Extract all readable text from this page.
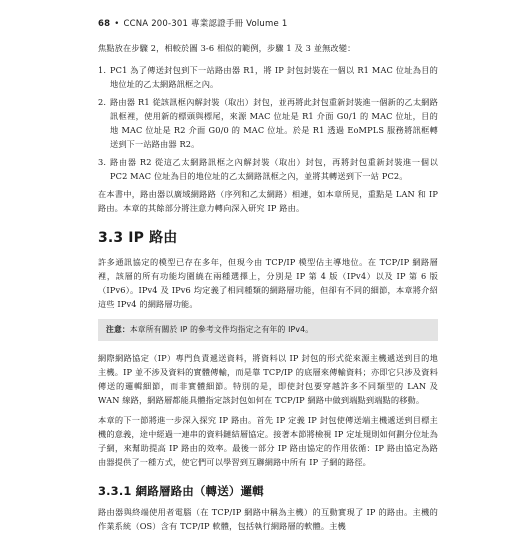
68 • CCNA 200-301 專業認證手冊 Volume 1

焦點放在步驟 2，相較於圖 3-6 相似的範例，步驟 1 及 3 並無改變：

1. PC1 為了傳送封包到下一站路由器 R1，將 IP 封包封裝在一個以 R1 MAC 位址為目的地位址的乙太網路訊框之內。
2. 路由器 R1 從該訊框內解封裝（取出）封包，並再將此封包重新封裝進一個新的乙太網路訊框裡，使用新的標頭與標尾，來源 MAC 位址是 R1 介面 G0/1 的 MAC 位址，目的地 MAC 位址是 R2 介面 G0/0 的 MAC 位址。於是 R1 透過 EoMPLS 服務將訊框轉送到下一站路由器 R2。
3. 路由器 R2 從這乙太網路訊框之內解封裝（取出）封包，再將封包重新封裝進一個以 PC2 MAC 位址為目的地位址的乙太網路訊框之內，並將其轉送到下一站 PC2。

在本書中，路由器以廣域網路路（序列和乙太網路）相連，如本章所見，重點是 LAN 和 IP 路由。本章的其餘部分將注意力轉向深入研究 IP 路由。

3.3 IP 路由

許多通訊協定的模型已存在多年，但現今由 TCP/IP 模型佔主導地位。在 TCP/IP 網路層裡，該層的所有功能均圍繞在兩種選擇上，分別是 IP 第 4 版（IPv4）以及 IP 第 6 版（IPv6）。IPv4 及 IPv6 均定義了相同種類的網路層功能，但卻有不同的細節，本章將介紹這些 IPv4 的網路層功能。

注意：本章所有關於 IP 的參考文件均指定之有年的 IPv4。

網際網路協定（IP）專門負責遞送資料，將資料以 IP 封包的形式從來源主機遞送到目的地主機。IP 並不涉及資料的實體傳輸，而是靠 TCP/IP 的底層來傳輸資料；亦即它只涉及資料傳送的邏輯細節，而非實體細節。特別的是，即使封包要穿越許多不同類型的 LAN 及 WAN 線路，網路層都能具體指定該封包如何在 TCP/IP 網路中做到端點到端點的移動。

本章的下一節將進一步深入探究 IP 路由。首先 IP 定義 IP 封包使傳送端主機遞送到目標主機的意義，途中經過一連串的資料鏈結層協定。接著本節將檢視 IP 定址規則如何劃分位址為子網，來幫助提高 IP 路由的效率。最後一部分 IP 路由協定的作用依循：IP 路由協定為路由器提供了一種方式，使它們可以學習到互聯網路中所有 IP 子網的路徑。

3.3.1 網路層路由（轉送）邏輯

路由器與終端使用者電腦（在 TCP/IP 網路中稱為主機）的互動實現了 IP 的路由。主機的作業系統（OS）含有 TCP/IP 軟體，包括執行網路層的軟體。主機
